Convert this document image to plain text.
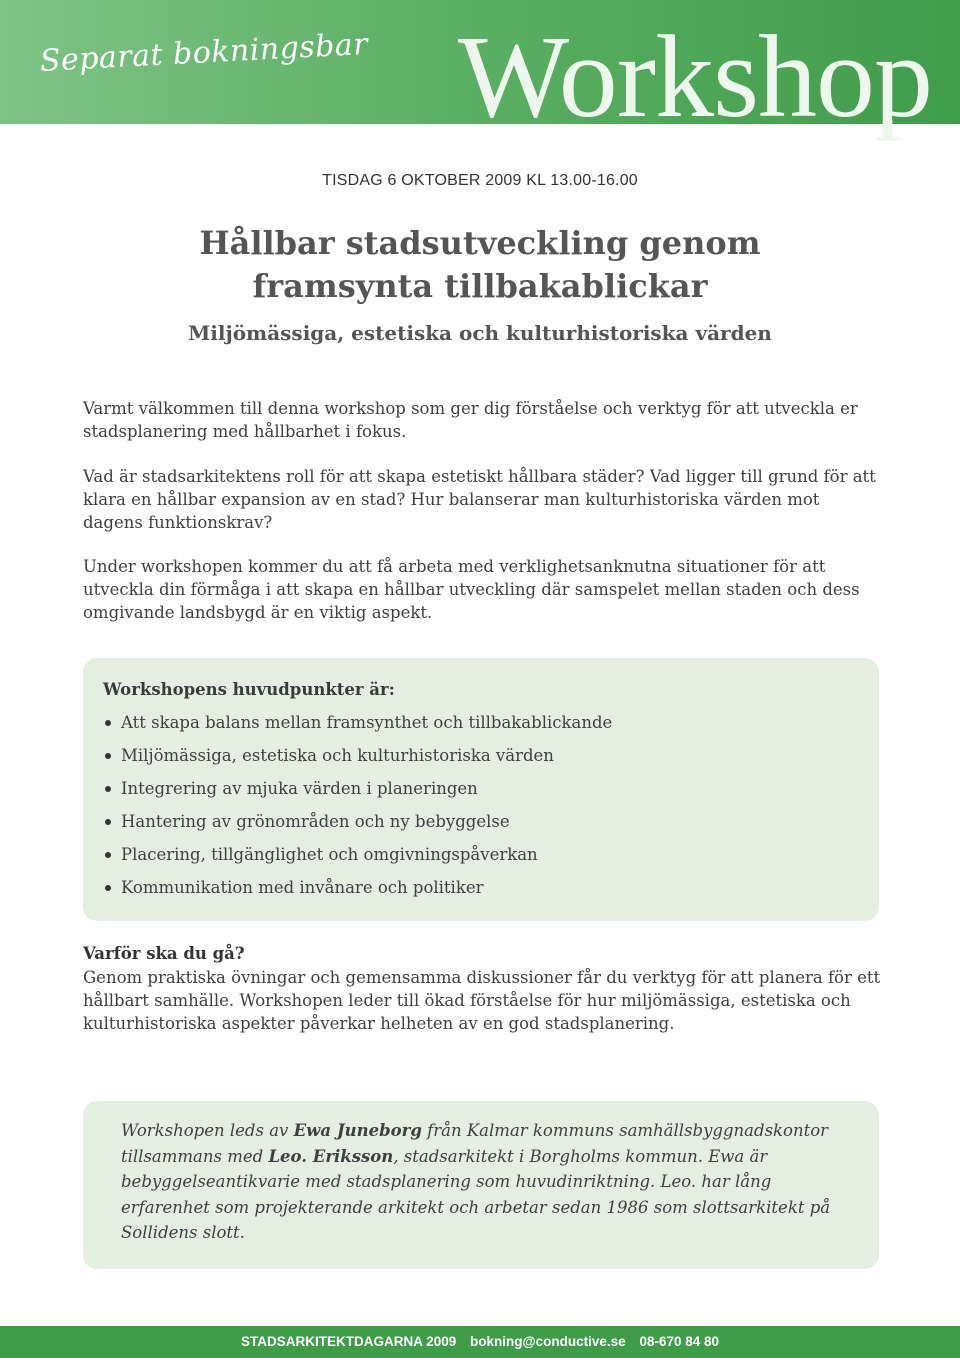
Separat bokningsbar Workshop
TISDAG 6 OKTOBER 2009 KL 13.00-16.00
Hållbar stadsutveckling genom
framsynta tillbakablickar
Miljömässiga, estetiska och kulturhistoriska värden
Varmt välkommen till denna workshop som ger dig förståelse och verktyg för att utveckla er stadsplanering med hållbarhet i fokus.
Vad är stadsarkitektens roll för att skapa estetiskt hållbara städer? Vad ligger till grund för att klara en hållbar expansion av en stad? Hur balanserar man kulturhistoriska värden mot dagens funktionskrav?
Under workshopen kommer du att få arbeta med verklighetsanknutna situationer för att utveckla din förmåga i att skapa en hållbar utveckling där samspelet mellan staden och dess omgivande landsbygd är en viktig aspekt.
Workshopens huvudpunkter är:
Att skapa balans mellan framsynthet och tillbakablickande
Miljömässiga, estetiska och kulturhistoriska värden
Integrering av mjuka värden i planeringen
Hantering av grönområden och ny bebyggelse
Placering, tillgänglighet och omgivningspåverkan
Kommunikation med invånare och politiker
Varför ska du gå?
Genom praktiska övningar och gemensamma diskussioner får du verktyg för att planera för ett hållbart samhälle. Workshopen leder till ökad förståelse för hur miljömässiga, estetiska och kulturhistoriska aspekter påverkar helheten av en god stadsplanering.
Workshopen leds av Ewa Juneborg från Kalmar kommuns samhällsbyggnadskontor tillsammans med Leo. Eriksson, stadsarkitekt i Borgholms kommun. Ewa är bebyggelseantikvarie med stadsplanering som huvudinriktning. Leo. har lång erfarenhet som projekterande arkitekt och arbetar sedan 1986 som slottsarkitekt på Sollidens slott.
STADSARKITEKTDAGARNA 2009 bokning@conductive.se 08-670 84 80
